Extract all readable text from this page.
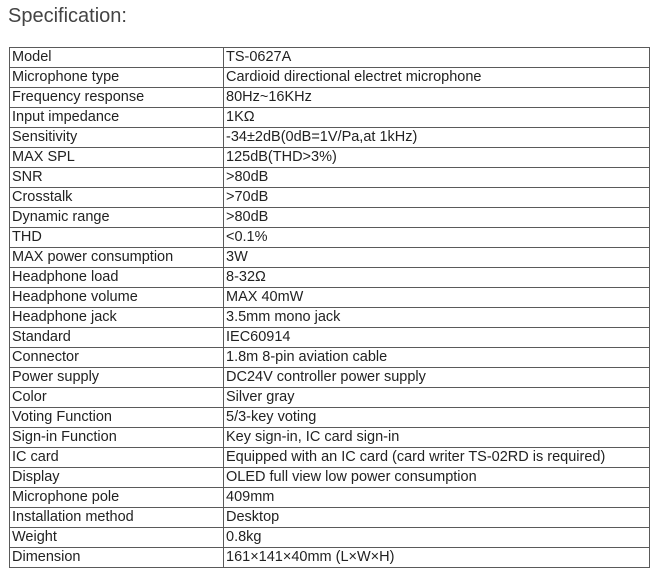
Specification:
Model	TS-0627A
Microphone type	Cardioid directional electret microphone
Frequency response	80Hz~16KHz
Input impedance	1KΩ
Sensitivity	-34±2dB(0dB=1V/Pa,at 1kHz)
MAX SPL	125dB(THD>3%)
SNR	>80dB
Crosstalk	>70dB
Dynamic range	>80dB
THD	<0.1%
MAX power consumption	3W
Headphone load	8-32Ω
Headphone volume	MAX 40mW
Headphone jack	3.5mm mono jack
Standard	IEC60914
Connector	1.8m 8-pin aviation cable
Power supply	DC24V controller power supply
Color	Silver gray
Voting Function	5/3-key voting
Sign-in Function	Key sign-in, IC card sign-in
IC card	Equipped with an IC card (card writer TS-02RD is required)
Display	OLED full view low power consumption
Microphone pole	409mm
Installation method	Desktop
Weight	0.8kg
Dimension	161×141×40mm (L×W×H)
